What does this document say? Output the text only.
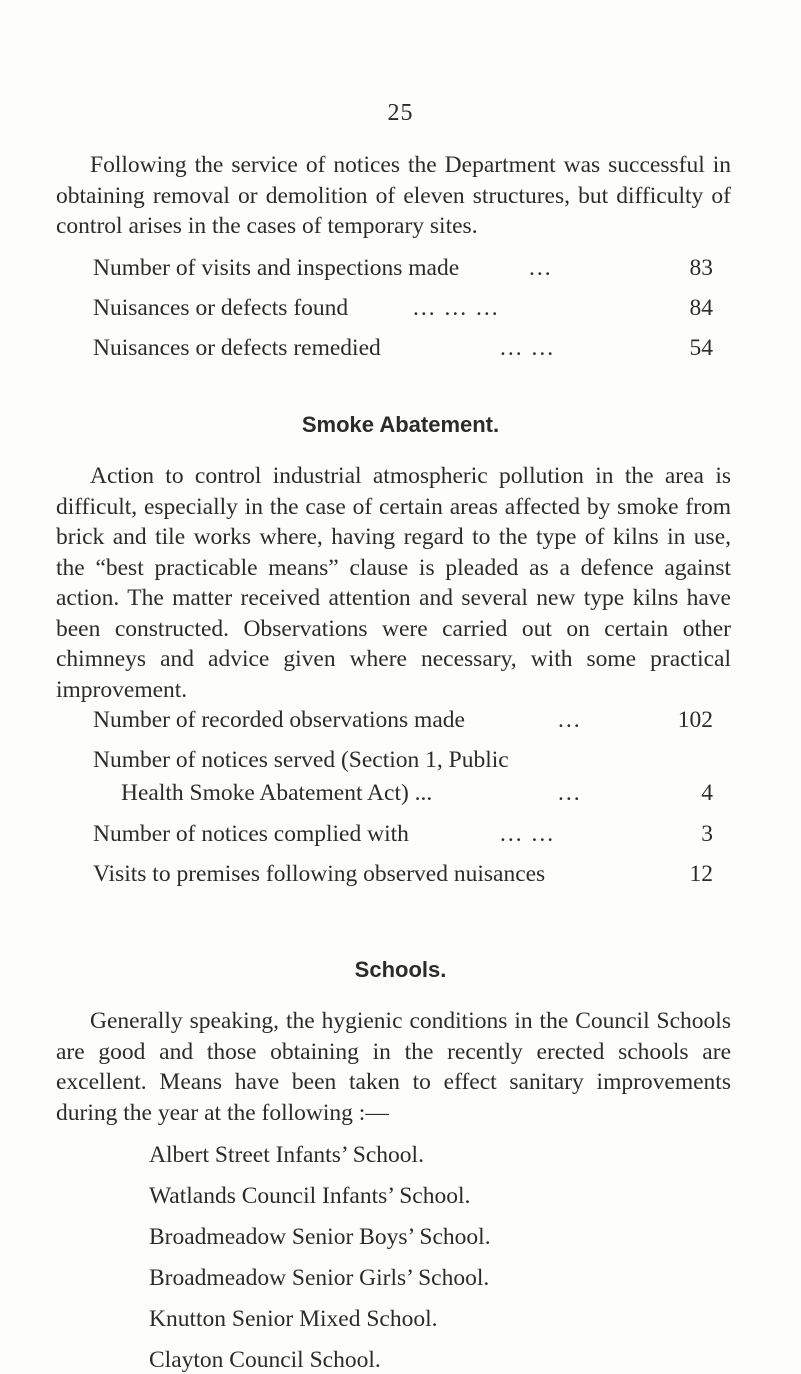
25

Following the service of notices the Department was successful in obtaining removal or demolition of eleven structures, but difficulty of control arises in the cases of temporary sites.

Number of visits and inspections made	...	83
Nuisances or defects found	... ... ...	84
Nuisances or defects remedied	... ...	54
Smoke Abatement.

Action to control industrial atmospheric pollution in the area is difficult, especially in the case of certain areas affected by smoke from brick and tile works where, having regard to the type of kilns in use, the “best practicable means” clause is pleaded as a defence against action. The matter received attention and several new type kilns have been constructed. Observations were carried out on certain other chimneys and advice given where necessary, with some practical improvement.

Number of recorded observations made	...	102
Number of notices served (Section 1, Public
Health Smoke Abatement Act) ...	...	4
Number of notices complied with	... ...	3
Visits to premises following observed nuisances	12
Schools.

Generally speaking, the hygienic conditions in the Council Schools are good and those obtaining in the recently erected schools are excellent. Means have been taken to effect sanitary improvements during the year at the following :—

Albert Street Infants’ School.
Watlands Council Infants’ School.
Broadmeadow Senior Boys’ School.
Broadmeadow Senior Girls’ School.
Knutton Senior Mixed School.
Clayton Council School.
